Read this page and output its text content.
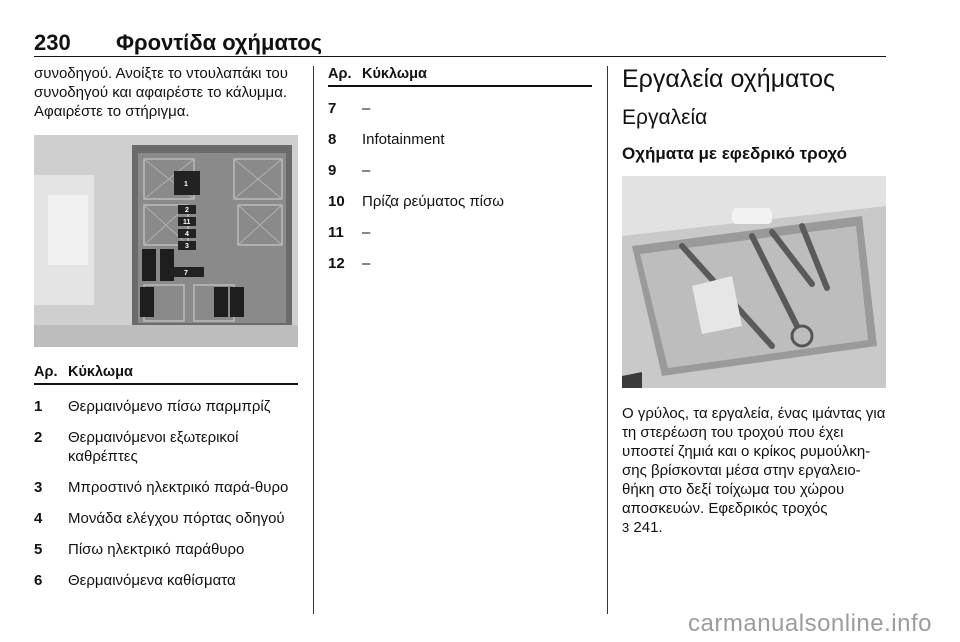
230 Φροντίδα οχήματος

συνοδηγού. Ανοίξτε το ντουλαπάκι του συνοδηγού και αφαιρέστε το κάλυμμα. Αφαιρέστε το στήριγμα.

1
2
11
4
3
7
Αρ. Κύκλωμα
1	Θερμαινόμενο πίσω παρμπρίζ
2	Θερμαινόμενοι εξωτερικοί καθρέπτες
3	Μπροστινό ηλεκτρικό παρά-θυρο
4	Μονάδα ελέγχου πόρτας οδηγού
5	Πίσω ηλεκτρικό παράθυρο
6	Θερμαινόμενα καθίσματα
Αρ. Κύκλωμα
7	–
8	Infotainment
9	–
10	Πρίζα ρεύματος πίσω
11	–
12	–
Εργαλεία οχήματος
Εργαλεία
Οχήματα με εφεδρικό τροχό

Ο γρύλος, τα εργαλεία, ένας ιμάντας για τη στερέωση του τροχού που έχει υποστεί ζημιά και ο κρίκος ρυμούλκη-σης βρίσκονται μέσα στην εργαλειο-θήκη στο δεξί τοίχωμα του χώρου αποσκευών. Εφεδρικός τροχός
3 241.

carmanualsonline.info
